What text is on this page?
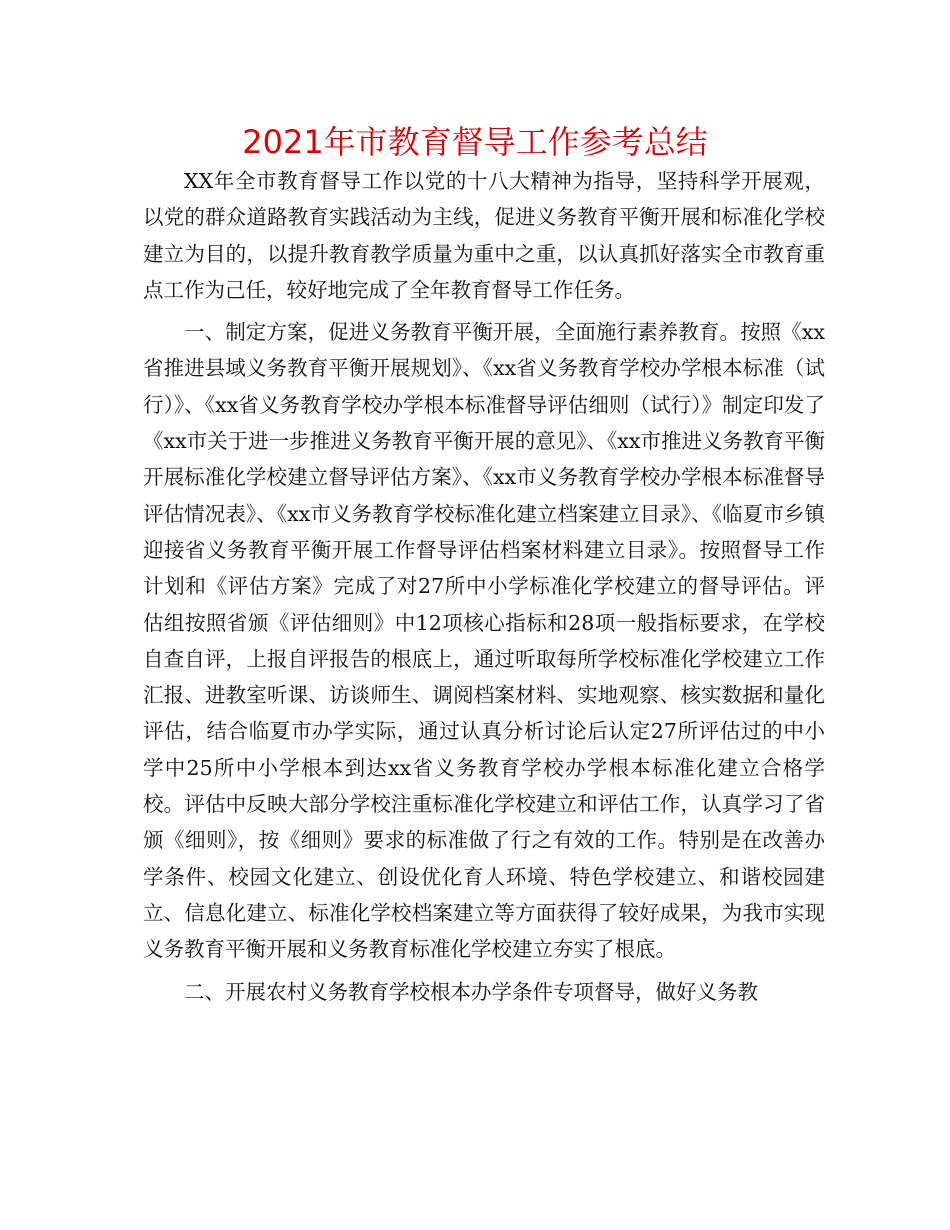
2021年市教育督导工作参考总结

XX年全市教育督导工作以党的十八大精神为指导，坚持科学开展观，以党的群众道路教育实践活动为主线，促进义务教育平衡开展和标准化学校建立为目的，以提升教育教学质量为重中之重，以认真抓好落实全市教育重点工作为己任，较好地完成了全年教育督导工作任务。

一、制定方案，促进义务教育平衡开展，全面施行素养教育。按照《xx省推进县域义务教育平衡开展规划》、《xx省义务教育学校办学根本标准（试行）》、《xx省义务教育学校办学根本标准督导评估细则（试行）》制定印发了《xx市关于进一步推进义务教育平衡开展的意见》、《xx市推进义务教育平衡开展标准化学校建立督导评估方案》、《xx市义务教育学校办学根本标准督导评估情况表》、《xx市义务教育学校标准化建立档案建立目录》、《临夏市乡镇迎接省义务教育平衡开展工作督导评估档案材料建立目录》。按照督导工作计划和《评估方案》完成了对27所中小学标准化学校建立的督导评估。评估组按照省颁《评估细则》中12项核心指标和28项一般指标要求，在学校自查自评，上报自评报告的根底上，通过听取每所学校标准化学校建立工作汇报、进教室听课、访谈师生、调阅档案材料、实地观察、核实数据和量化评估，结合临夏市办学实际，通过认真分析讨论后认定27所评估过的中小学中25所中小学根本到达xx省义务教育学校办学根本标准化建立合格学校。评估中反映大部分学校注重标准化学校建立和评估工作，认真学习了省颁《细则》，按《细则》要求的标准做了行之有效的工作。特别是在改善办学条件、校园文化建立、创设优化育人环境、特色学校建立、和谐校园建立、信息化建立、标准化学校档案建立等方面获得了较好成果，为我市实现义务教育平衡开展和义务教育标准化学校建立夯实了根底。

二、开展农村义务教育学校根本办学条件专项督导，做好义务教
